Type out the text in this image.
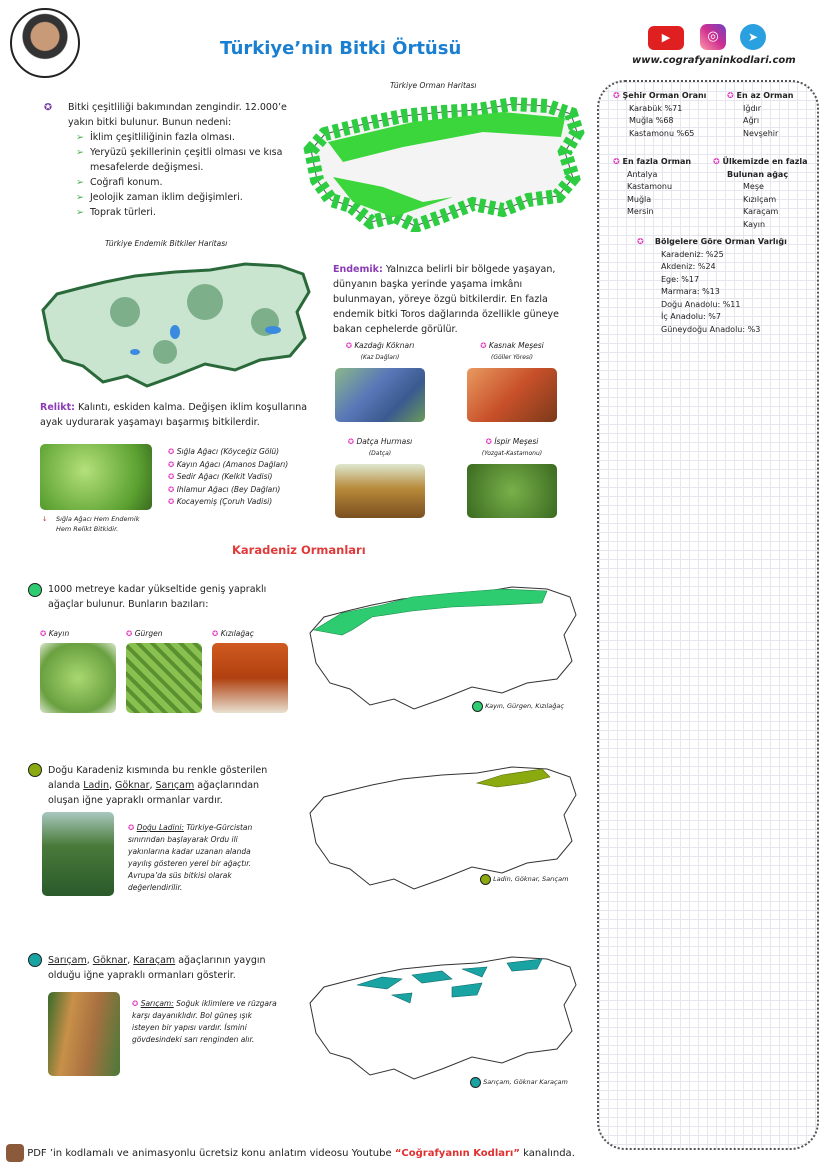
Türkiye’nin Bitki Örtüsü
▶	◎	➤
www.cografyaninkodlari.com
✪	Bitki çeşitliliği bakımından zengindir. 12.000’e yakın bitki bulunur. Bunun nedeni:
➢ İklim çeşitliliğinin fazla olması.
➢ Yeryüzü şekillerinin çeşitli olması ve kısa mesafelerde değişmesi.
➢ Coğrafi konum.
➢ Jeolojik zaman iklim değişimleri.
➢ Toprak türleri.
Türkiye Orman Haritası
Türkiye Endemik Bitkiler Haritası
Endemik: Yalnızca belirli bir bölgede yaşayan, dünyanın başka yerinde yaşama imkânı bulunmayan, yöreye özgü bitkilerdir. En fazla endemik bitki Toros dağlarında özellikle güneye bakan cephelerde görülür.
✪ Kazdağı Köknarı
(Kaz Dağları)
✪ Kasnak Meşesi
(Göller Yöresi)
✪ Datça Hurması
(Datça)
✪ İspir Meşesi
(Yozgat-Kastamonu)
Relikt: Kalıntı, eskiden kalma. Değişen iklim koşullarına ayak uydurarak yaşamayı başarmış bitkilerdir.
✪ Sığla Ağacı (Köyceğiz Gölü)
✪ Kayın Ağacı (Amanos Dağları)
✪ Sedir Ağacı (Kelkit Vadisi)
✪ Ihlamur Ağacı (Bey Dağları)
✪ Kocayemiş (Çoruh Vadisi)
↓ Sığla Ağacı Hem Endemik Hem Relikt Bitkidir.
Karadeniz Ormanları
1000 metreye kadar yükseltide geniş yapraklı ağaçlar bulunur. Bunların bazıları:
✪ Kayın	✪ Gürgen	✪ Kızılağaç
Kayın, Gürgen, Kızılağaç
Doğu Karadeniz kısmında bu renkle gösterilen alanda Ladin, Göknar, Sarıçam ağaçlarından oluşan iğne yapraklı ormanlar vardır.
✪ Doğu Ladini: Türkiye-Gürcistan sınırından başlayarak Ordu ili yakınlarına kadar uzanan alanda yayılış gösteren yerel bir ağaçtır. Avrupa’da süs bitkisi olarak değerlendirilir.
Ladin, Göknar, Sarıçam
Sarıçam, Göknar, Karaçam ağaçlarının yaygın olduğu iğne yapraklı ormanları gösterir.
✪ Sarıçam: Soğuk iklimlere ve rüzgara karşı dayanıklıdır. Bol güneş ışık isteyen bir yapısı vardır. İsmini gövdesindeki sarı renginden alır.
Sarıçam, Göknar Karaçam
✪ Şehir Orman Oranı
Karabük %71
Muğla %68
Kastamonu %65
✪ En az Orman
Iğdır
Ağrı
Nevşehir
✪ En fazla Orman
Antalya
Kastamonu
Muğla
Mersin
✪ Ülkemizde en fazla Bulunan ağaç
Meşe
Kızılçam
Karaçam
Kayın
✪ Bölgelere Göre Orman Varlığı
Karadeniz: %25
Akdeniz: %24
Ege: %17
Marmara: %13
Doğu Anadolu: %11
İç Anadolu: %7
Güneydoğu Anadolu: %3
PDF ’in kodlamalı ve animasyonlu ücretsiz konu anlatım videosu Youtube “Coğrafyanın Kodları” kanalında.
